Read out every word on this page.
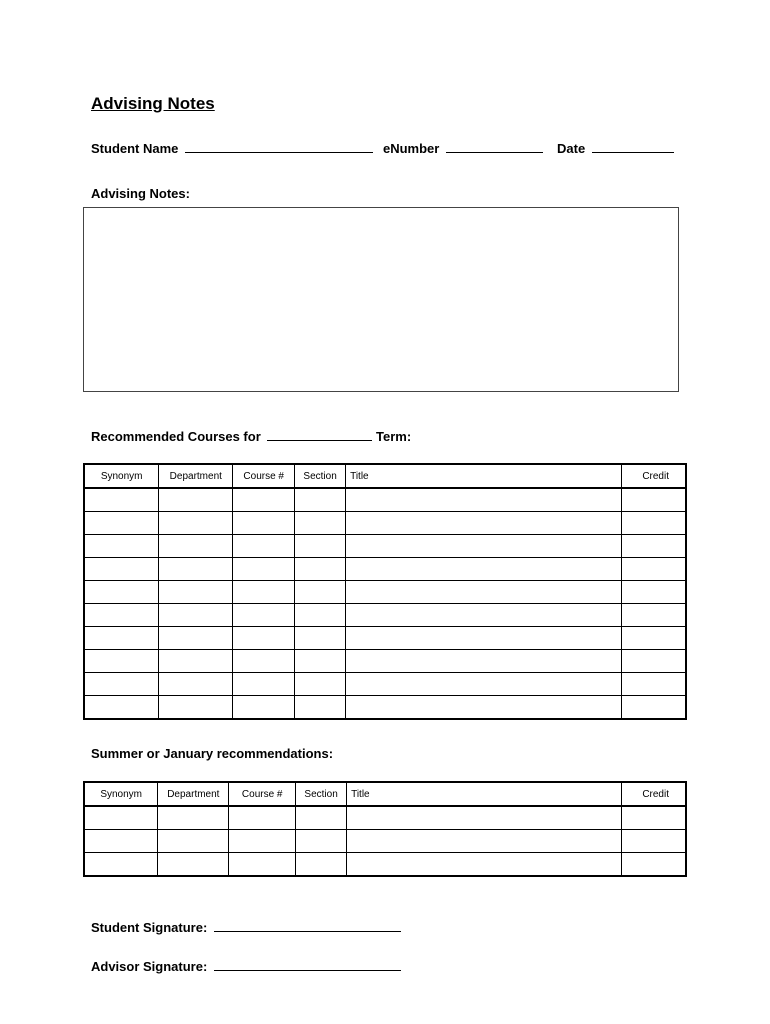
Advising Notes
Student Name	eNumber	Date
Advising Notes:
Recommended Courses for	Term:
Synonym	Department	Course #	Section	Title	Credit

Summer or January recommendations:
Synonym	Department	Course #	Section	Title	Credit

Student Signature:
Advisor Signature:
